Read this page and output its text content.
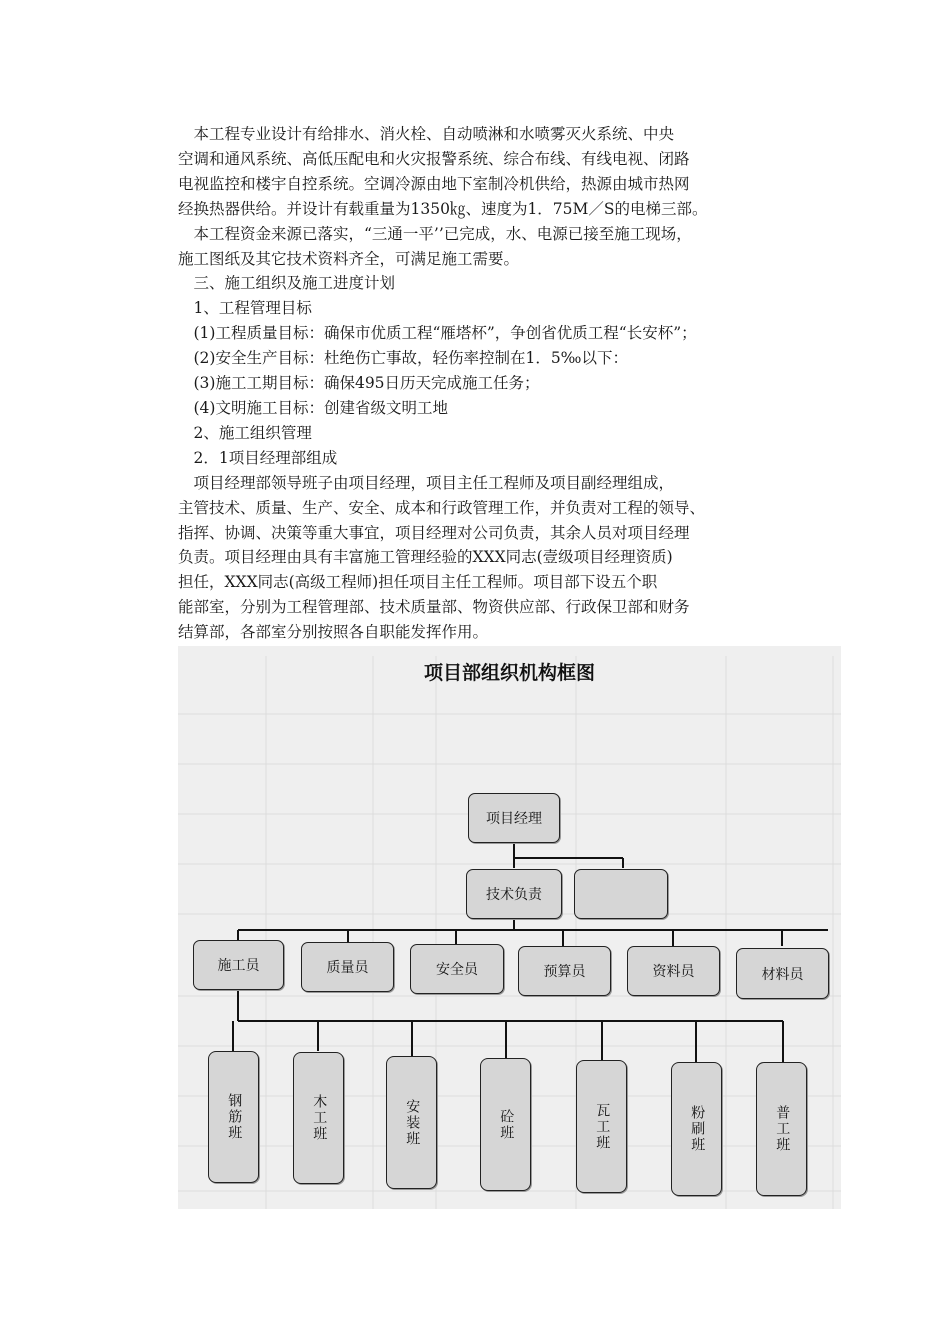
　本工程专业设计有给排水、消火栓、自动喷淋和水喷雾灭火系统、中央
空调和通风系统、高低压配电和火灾报警系统、综合布线、有线电视、闭路
电视监控和楼宇自控系统。空调冷源由地下室制冷机供给，热源由城市热网
经换热器供给。并设计有载重量为1350㎏、速度为1．75M／S的电梯三部。
　本工程资金来源已落实，“三通一平’’已完成，水、电源已接至施工现场，
施工图纸及其它技术资料齐全，可满足施工需要。
　三、施工组织及施工进度计划
　1、工程管理目标
　(1)工程质量目标：确保市优质工程“雁塔杯”，争创省优质工程“长安杯”；
　(2)安全生产目标：杜绝伤亡事故，轻伤率控制在1．5‰以下：
　(3)施工工期目标：确保495日历天完成施工任务；
　(4)文明施工目标：创建省级文明工地
　2、施工组织管理
　2．1项目经理部组成
　项目经理部领导班子由项目经理，项目主任工程师及项目副经理组成，
主管技术、质量、生产、安全、成本和行政管理工作，并负责对工程的领导、
指挥、协调、决策等重大事宜，项目经理对公司负责，其余人员对项目经理
负责。项目经理由具有丰富施工管理经验的XXX同志(壹级项目经理资质)
担任，XXX同志(高级工程师)担任项目主任工程师。项目部下设五个职
能部室，分别为工程管理部、技术质量部、物资供应部、行政保卫部和财务
结算部，各部室分别按照各自职能发挥作用。
项目部组织机构框图
项目经理
技术负责
施工员	质量员	安全员	预算员	资料员	材料员
钢筋班	木工班	安装班	砼班	瓦工班	粉刷班	普工班
